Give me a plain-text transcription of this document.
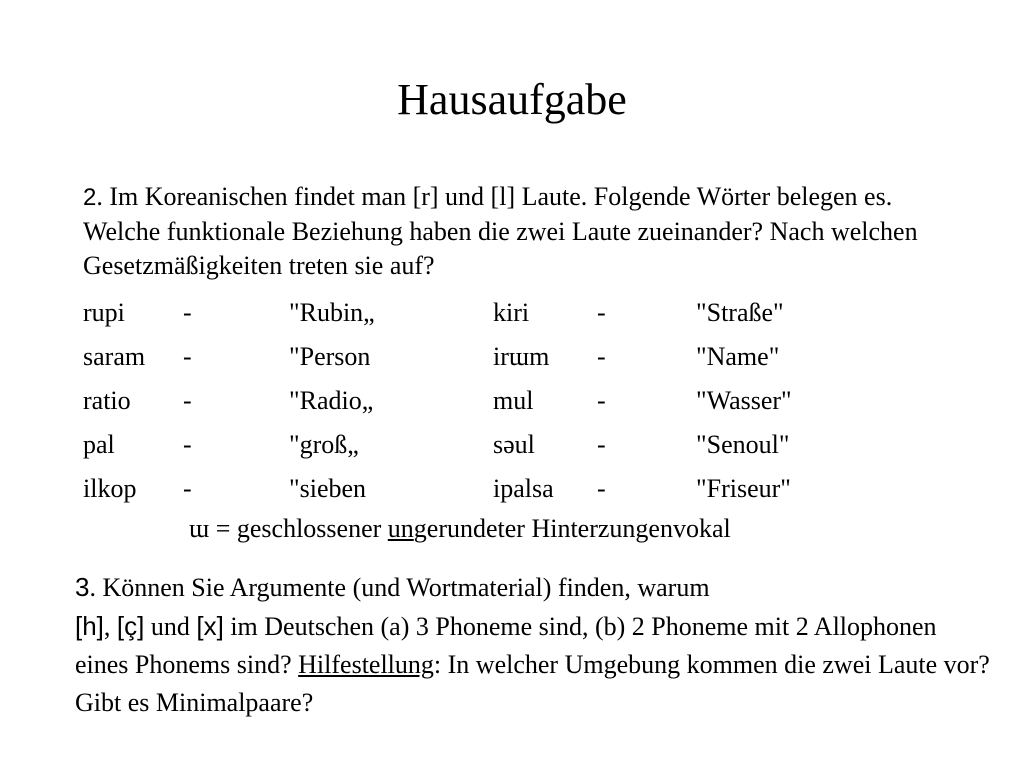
Hausaufgabe
2. Im Koreanischen findet man [r] und [l] Laute. Folgende Wörter belegen es. Welche funktionale Beziehung haben die zwei Laute zueinander? Nach welchen Gesetzmäßigkeiten treten sie auf?
rupi -	"Rubin„	kiri	-	"Straße"
saram -	"Person	irɯm -	"Name"
ratio -	"Radio„	mul -	"Wasser"
pal	-	"groß„	səul -	"Senoul"
ilkop -	"sieben	ipalsa -	"Friseur"
ɯ = geschlossener ungerundeter Hinterzungenvokal
3. Können Sie Argumente (und Wortmaterial) finden, warum
[h], [ç] und [x] im Deutschen (a) 3 Phoneme sind, (b) 2 Phoneme mit 2 Allophonen eines Phonems sind? Hilfestellung: In welcher Umgebung kommen die zwei Laute vor? Gibt es Minimalpaare?
